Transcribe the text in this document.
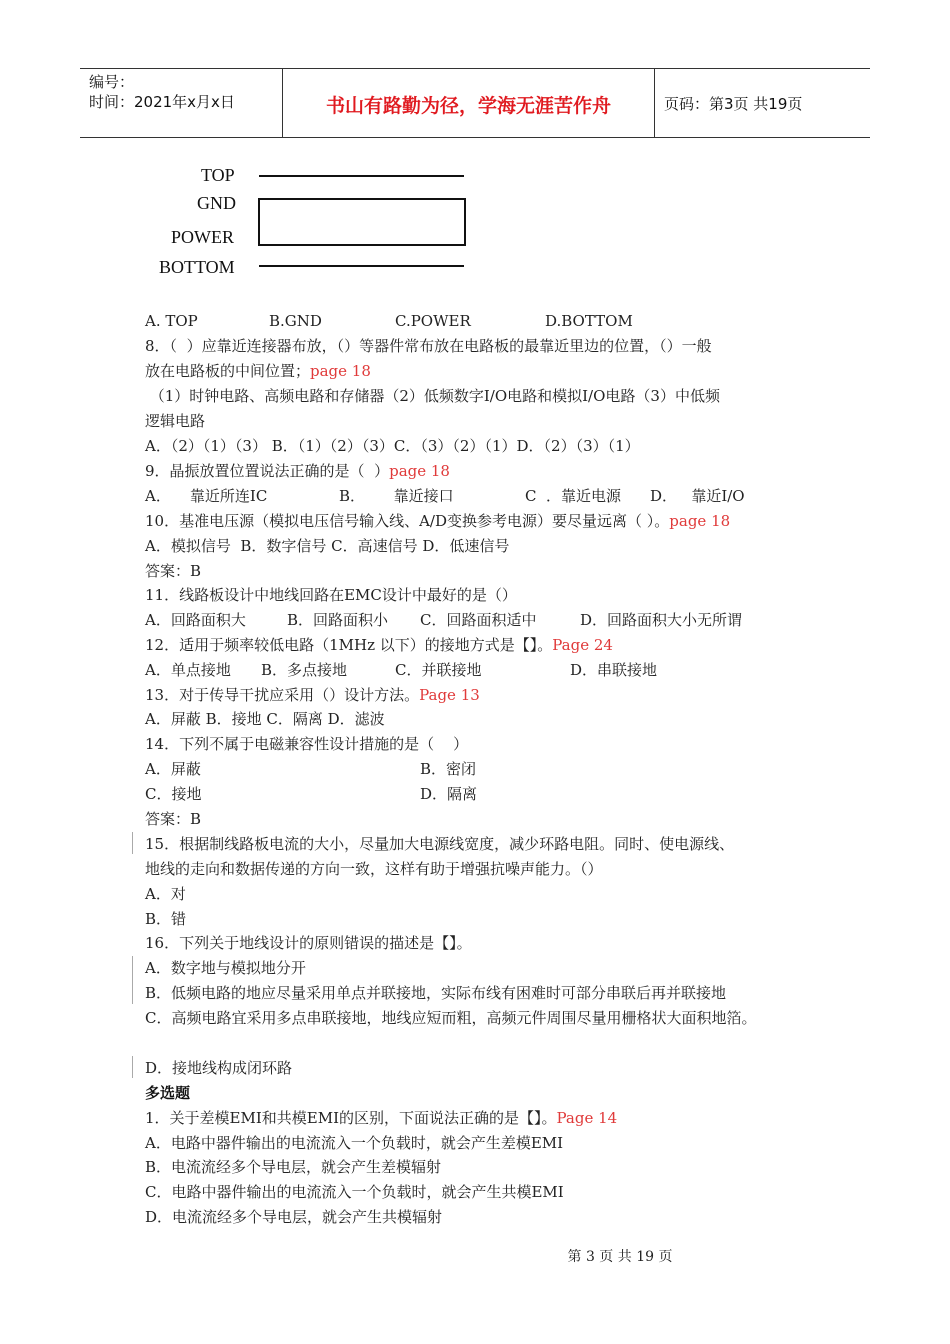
编号：
时间：2021年x月x日	书山有路勤为径，学海无涯苦作舟	页码：第3页 共19页
TOP
GND
POWER
BOTTOM
A. TOP	B.GND	C.POWER	D.BOTTOM
8．（  ）应靠近连接器布放，（）等器件常布放在电路板的最靠近里边的位置，（）一般
放在电路板的中间位置；page 18
（1）时钟电路、高频电路和存储器（2）低频数字I/O电路和模拟I/O电路（3）中低频
逻辑电路
A．（2）（1）（3） B．（1）（2）（3）C．（3）（2）（1）D．（2）（3）（1）
9．晶振放置位置说法正确的是（  ）page 18
A．    靠近所连IC	B．      靠近接口	C  ．靠近电源 D．   靠近I/O
10．基准电压源（模拟电压信号输入线、A/D变换参考电源）要尽量远离（ ）。page 18
A．模拟信号  B．数字信号 C．高速信号 D．低速信号
答案：B
11．线路板设计中地线回路在EMC设计中最好的是（）
A．回路面积大	B．回路面积小 C．回路面积适中	D．回路面积大小无所谓
12．适用于频率较低电路（1MHz 以下）的接地方式是【】。Page 24
A．单点接地 B．多点接地	C．并联接地	D．串联接地
13．对于传导干扰应采用（）设计方法。Page 13
A．屏蔽 B．接地 C．隔离 D．滤波
14．下列不属于电磁兼容性设计措施的是（    ）
A．屏蔽	B．密闭
C．接地	D．隔离
答案：B
15．根据制线路板电流的大小，尽量加大电源线宽度，减少环路电阻。同时、使电源线、
地线的走向和数据传递的方向一致，这样有助于增强抗噪声能力。（）
A．对
B．错
16．下列关于地线设计的原则错误的描述是【】。
A．数字地与模拟地分开
B．低频电路的地应尽量采用单点并联接地，实际布线有困难时可部分串联后再并联接地
C．高频电路宜采用多点串联接地，地线应短而粗，高频元件周围尽量用栅格状大面积地箔。
D．接地线构成闭环路
多选题
1．关于差模EMI和共模EMI的区别，下面说法正确的是【】。Page 14
A．电路中器件输出的电流流入一个负载时，就会产生差模EMI
B．电流流经多个导电层，就会产生差模辐射
C．电路中器件输出的电流流入一个负载时，就会产生共模EMI
D．电流流经多个导电层，就会产生共模辐射
第 3 页 共 19 页
